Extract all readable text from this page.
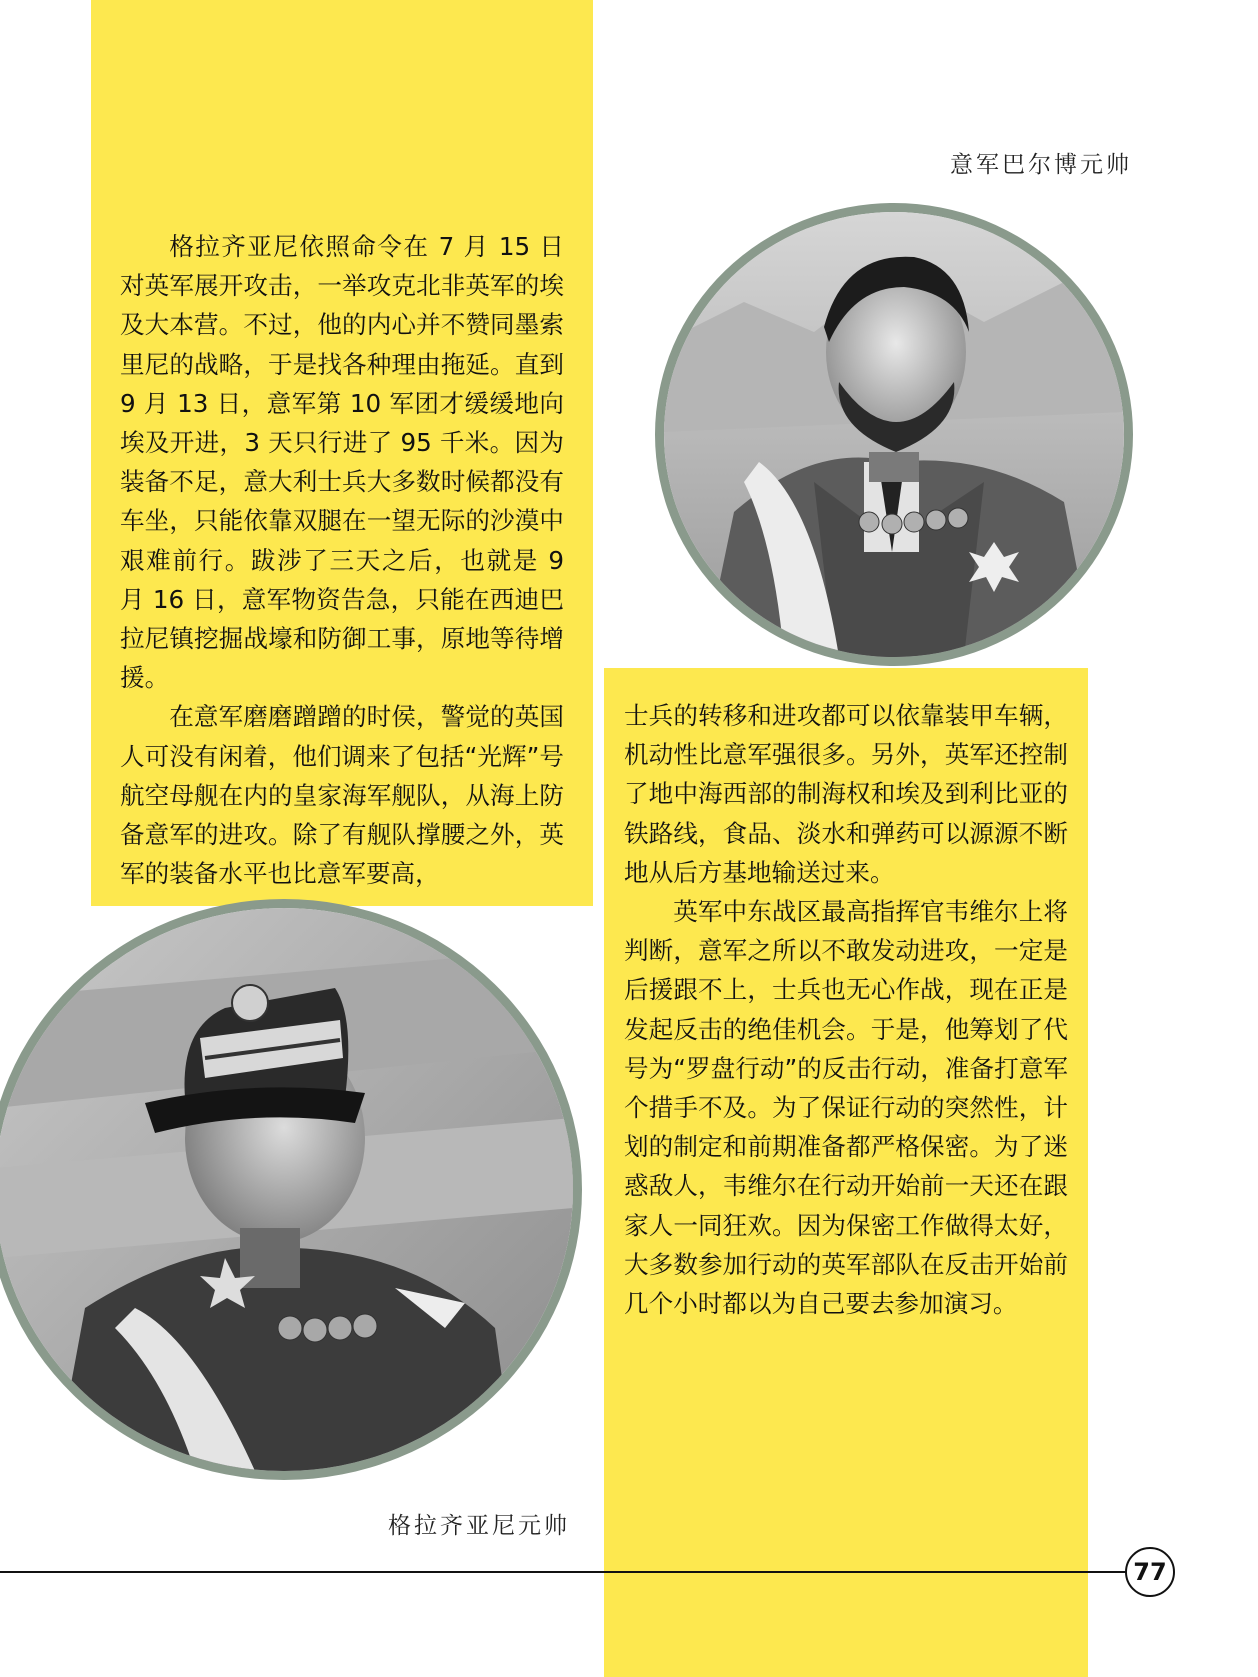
意军巴尔博元帅

格拉齐亚尼依照命令在 7 月 15 日对英军展开攻击，一举攻克北非英军的埃及大本营。不过，他的内心并不赞同墨索里尼的战略，于是找各种理由拖延。直到 9 月 13 日，意军第 10 军团才缓缓地向埃及开进，3 天只行进了 95 千米。因为装备不足，意大利士兵大多数时候都没有车坐，只能依靠双腿在一望无际的沙漠中艰难前行。跋涉了三天之后，也就是 9 月 16 日，意军物资告急，只能在西迪巴拉尼镇挖掘战壕和防御工事，原地等待增援。

在意军磨磨蹭蹭的时侯，警觉的英国人可没有闲着，他们调来了包括“光辉”号航空母舰在内的皇家海军舰队，从海上防备意军的进攻。除了有舰队撑腰之外，英军的装备水平也比意军要高，

士兵的转移和进攻都可以依靠装甲车辆，机动性比意军强很多。另外，英军还控制了地中海西部的制海权和埃及到利比亚的铁路线，食品、淡水和弹药可以源源不断地从后方基地输送过来。

英军中东战区最高指挥官韦维尔上将判断，意军之所以不敢发动进攻，一定是后援跟不上，士兵也无心作战，现在正是发起反击的绝佳机会。于是，他筹划了代号为“罗盘行动”的反击行动，准备打意军个措手不及。为了保证行动的突然性，计划的制定和前期准备都严格保密。为了迷惑敌人，韦维尔在行动开始前一天还在跟家人一同狂欢。因为保密工作做得太好，大多数参加行动的英军部队在反击开始前几个小时都以为自己要去参加演习。

格拉齐亚尼元帅
77
